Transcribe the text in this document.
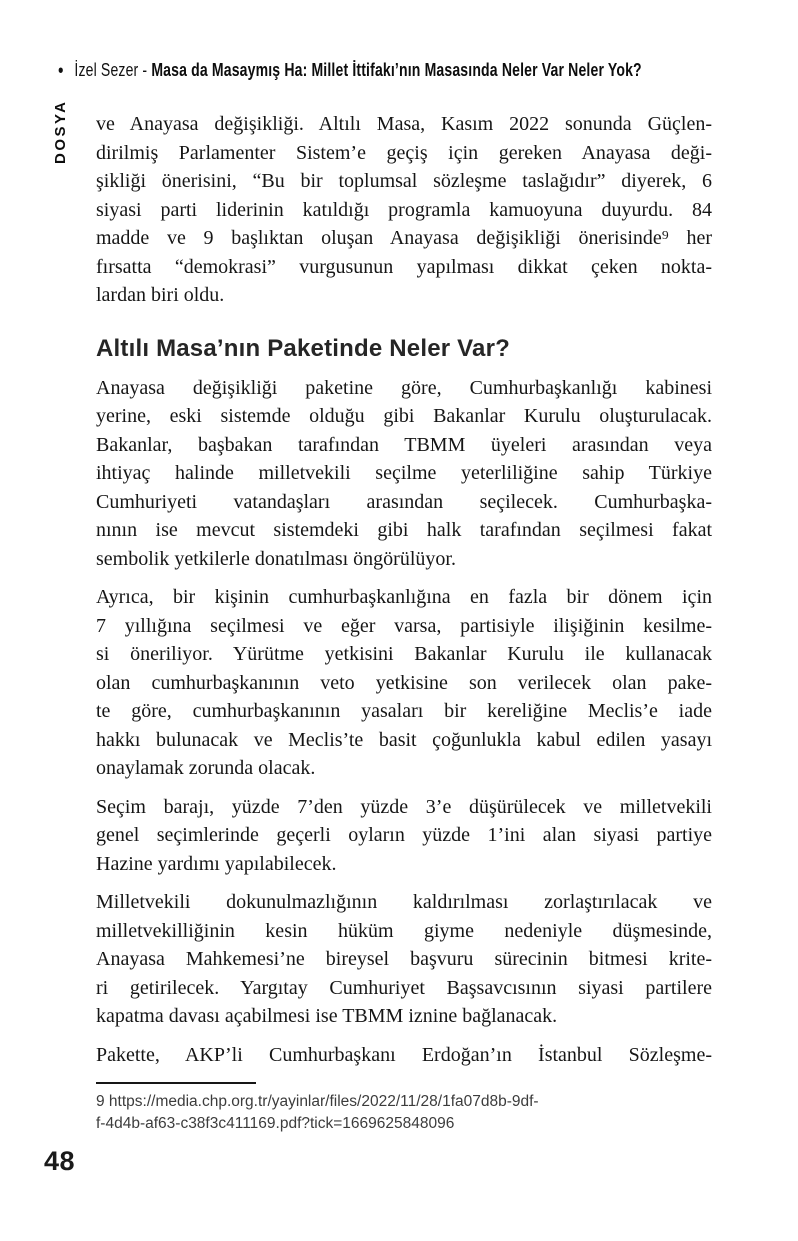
• İzel Sezer - Masa da Masaymış Ha: Millet İttifakı’nın Masasında Neler Var Neler Yok?
DOSYA ve Anayasa değişikliği. Altılı Masa, Kasım 2022 sonunda Güçlen-
dirilmiş Parlamenter Sistem’e geçiş için gereken Anayasa deği-
şikliği önerisini, “Bu bir toplumsal sözleşme taslağıdır” diyerek, 6
siyasi parti liderinin katıldığı programla kamuoyuna duyurdu. 84
madde ve 9 başlıktan oluşan Anayasa değişikliği önerisinde⁹ her
fırsatta “demokrasi” vurgusunun yapılması dikkat çeken nokta-
lardan biri oldu.
Altılı Masa’nın Paketinde Neler Var?
Anayasa değişikliği paketine göre, Cumhurbaşkanlığı kabinesi
yerine, eski sistemde olduğu gibi Bakanlar Kurulu oluşturulacak.
Bakanlar, başbakan tarafından TBMM üyeleri arasından veya
ihtiyaç halinde milletvekili seçilme yeterliliğine sahip Türkiye
Cumhuriyeti vatandaşları arasından seçilecek. Cumhurbaşka-
nının ise mevcut sistemdeki gibi halk tarafından seçilmesi fakat
sembolik yetkilerle donatılması öngörülüyor.
Ayrıca, bir kişinin cumhurbaşkanlığına en fazla bir dönem için
7 yıllığına seçilmesi ve eğer varsa, partisiyle ilişiğinin kesilme-
si öneriliyor. Yürütme yetkisini Bakanlar Kurulu ile kullanacak
olan cumhurbaşkanının veto yetkisine son verilecek olan pake-
te göre, cumhurbaşkanının yasaları bir kereliğine Meclis’e iade
hakkı bulunacak ve Meclis’te basit çoğunlukla kabul edilen yasayı
onaylamak zorunda olacak.
Seçim barajı, yüzde 7’den yüzde 3’e düşürülecek ve milletvekili
genel seçimlerinde geçerli oyların yüzde 1’ini alan siyasi partiye
Hazine yardımı yapılabilecek.
Milletvekili dokunulmazlığının kaldırılması zorlaştırılacak ve
milletvekilliğinin kesin hüküm giyme nedeniyle düşmesinde,
Anayasa Mahkemesi’ne bireysel başvuru sürecinin bitmesi krite-
ri getirilecek. Yargıtay Cumhuriyet Başsavcısının siyasi partilere
kapatma davası açabilmesi ise TBMM iznine bağlanacak.
Pakette, AKP’li Cumhurbaşkanı Erdoğan’ın İstanbul Sözleşme-
9 https://media.chp.org.tr/yayinlar/files/2022/11/28/1fa07d8b-9df-
f-4d4b-af63-c38f3c411169.pdf?tick=1669625848096
48
